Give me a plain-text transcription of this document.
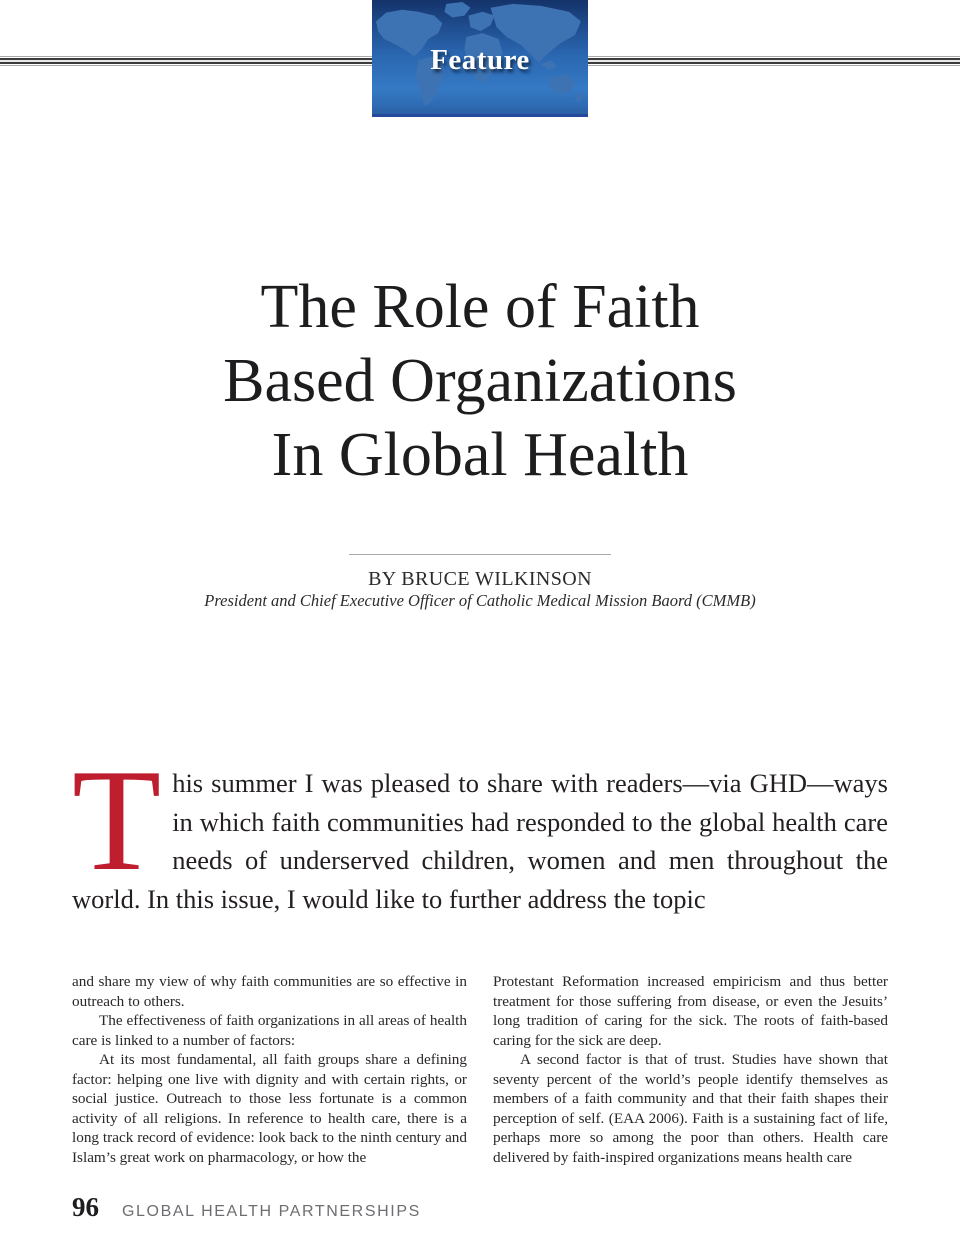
Feature
The Role of Faith
Based Organizations
In Global Health
BY BRUCE WILKINSON
President and Chief Executive Officer of Catholic Medical Mission Baord (CMMB)
This summer I was pleased to share with readers—via GHD—ways in which faith communities had responded to the global health care needs of underserved children, women and men throughout the world. In this issue, I would like to further address the topic

and share my view of why faith communities are so effective in outreach to others.

The effectiveness of faith organizations in all areas of health care is linked to a number of factors:

At its most fundamental, all faith groups share a defining factor: helping one live with dignity and with certain rights, or social justice. Outreach to those less fortunate is a common activity of all religions. In reference to health care, there is a long track record of evidence: look back to the ninth century and Islam’s great work on pharmacology, or how the

Protestant Reformation increased empiricism and thus better treatment for those suffering from disease, or even the Jesuits’ long tradition of caring for the sick. The roots of faith-based caring for the sick are deep.

A second factor is that of trust. Studies have shown that seventy percent of the world’s people identify themselves as members of a faith community and that their faith shapes their perception of self. (EAA 2006). Faith is a sustaining fact of life, perhaps more so among the poor than others. Health care delivered by faith-inspired organizations means health care

96 GLOBAL HEALTH PARTNERSHIPS
